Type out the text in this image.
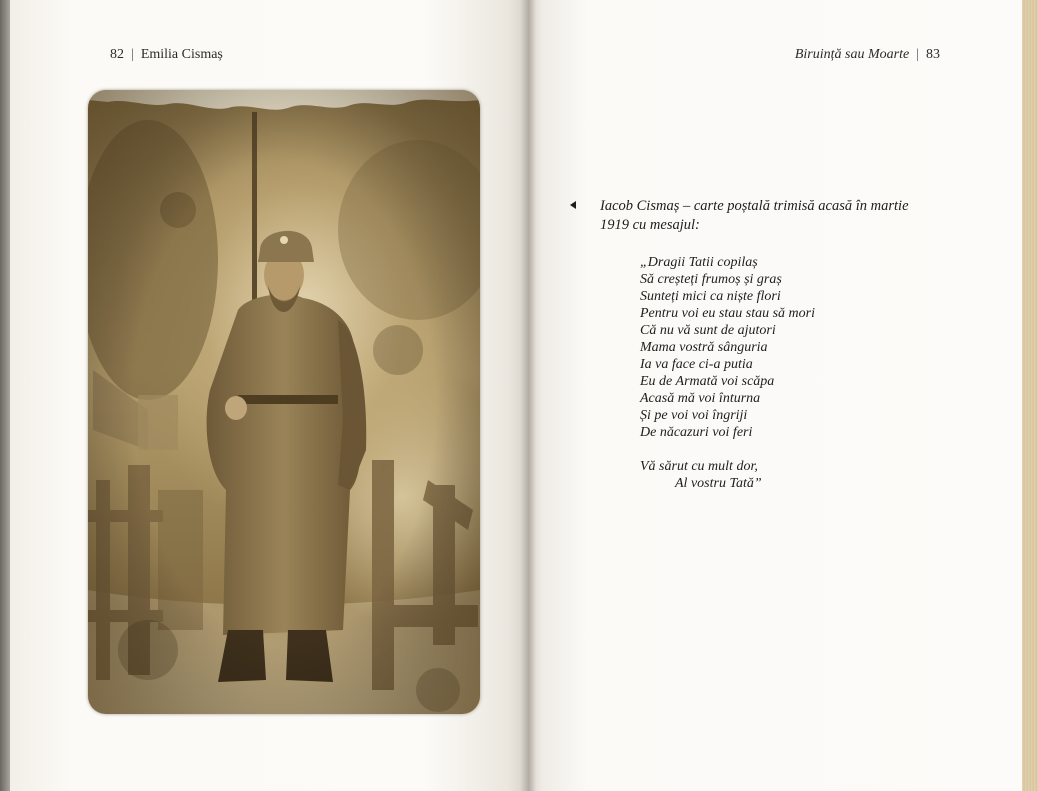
82 | Emilia Cismaș	Biruință sau Moarte | 83
Iacob Cismaș – carte poștală trimisă acasă în martie 1919 cu mesajul:
„Dragii Tatii copilaș
Să creșteți frumoș și graș
Sunteți mici ca niște flori
Pentru voi eu stau stau să mori
Că nu vă sunt de ajutori
Mama vostră sânguria
Ia va face ci-a putia
Eu de Armată voi scăpa
Acasă mă voi înturna
Și pe voi voi îngriji
De năcazuri voi feri
Vă sărut cu mult dor,
Al vostru Tată”
